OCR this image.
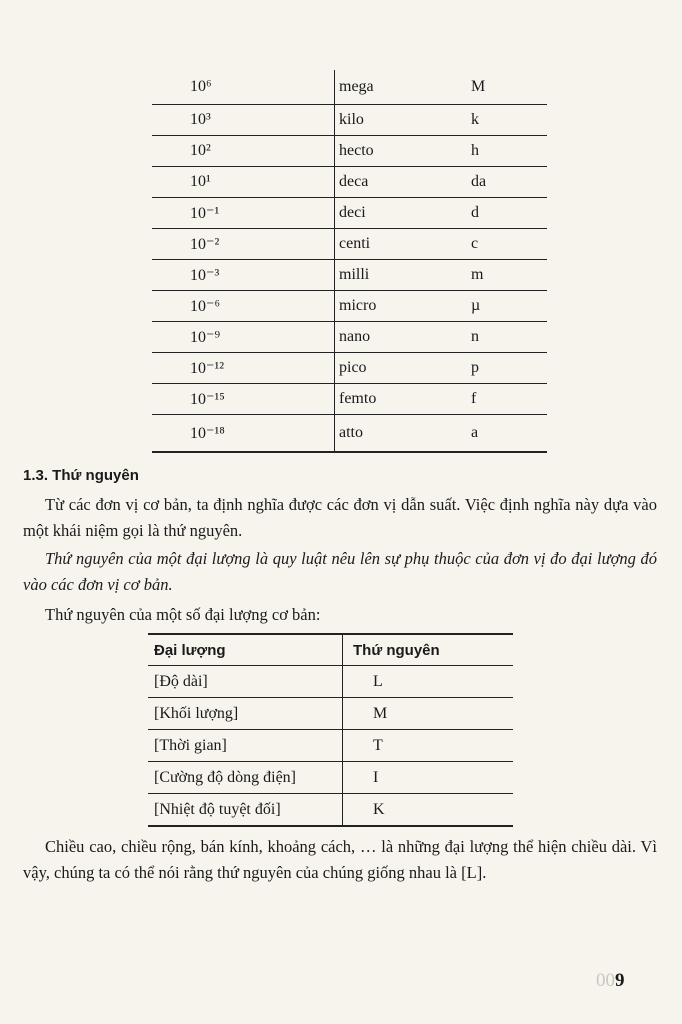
10⁶	mega	M
10³	kilo	k
10²	hecto	h
10¹	deca	da
10⁻¹	deci	d
10⁻²	centi	c
10⁻³	milli	m
10⁻⁶	micro	µ
10⁻⁹	nano	n
10⁻¹²	pico	p
10⁻¹⁵	femto	f
10⁻¹⁸	atto	a
1.3. Thứ nguyên

Từ các đơn vị cơ bản, ta định nghĩa được các đơn vị dẫn suất. Việc định nghĩa này dựa vào một khái niệm gọi là thứ nguyên.

Thứ nguyên của một đại lượng là quy luật nêu lên sự phụ thuộc của đơn vị đo đại lượng đó vào các đơn vị cơ bản.

Thứ nguyên của một số đại lượng cơ bản:

Đại lượng	Thứ nguyên
[Độ dài]	L
[Khối lượng]	M
[Thời gian]	T
[Cường độ dòng điện]	I
[Nhiệt độ tuyệt đối]	K

Chiều cao, chiều rộng, bán kính, khoảng cách, … là những đại lượng thể hiện chiều dài. Vì vậy, chúng ta có thể nói rằng thứ nguyên của chúng giống nhau là [L].

009
